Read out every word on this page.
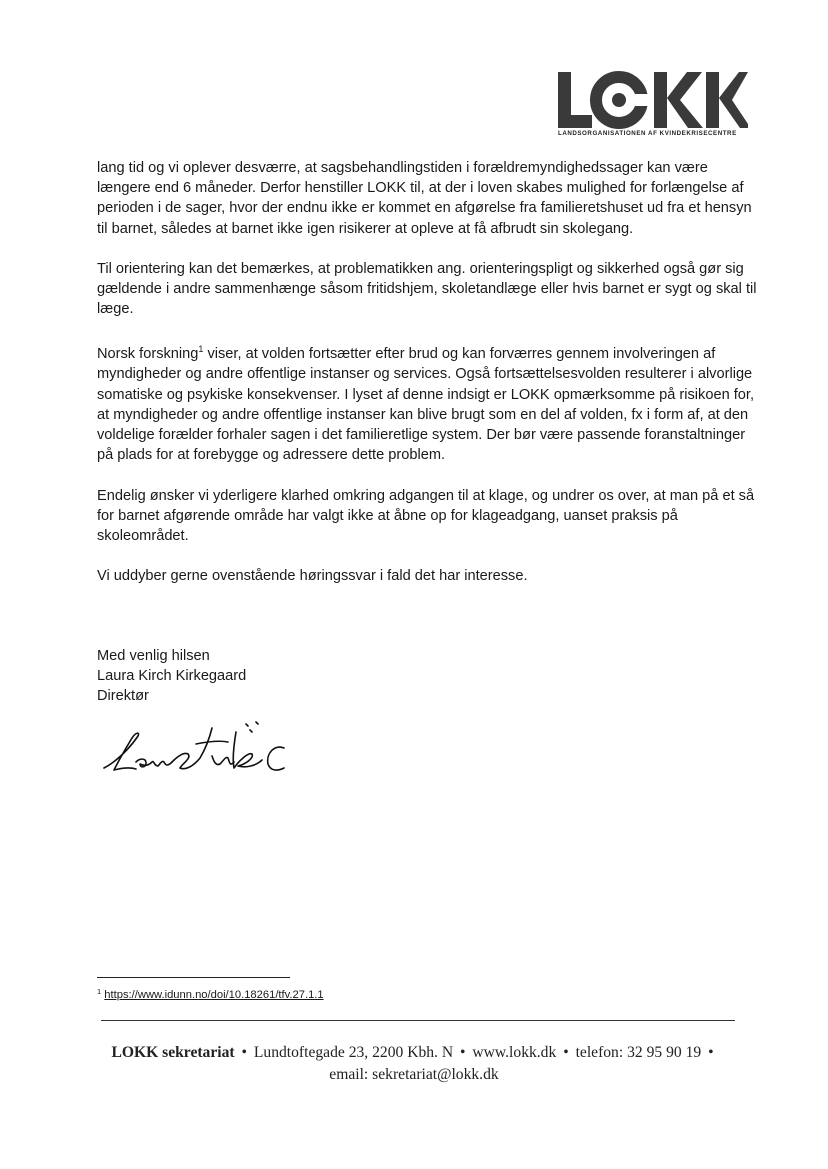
LOKK
LANDSORGANISATIONEN AF KVINDEKRISECENTRE

lang tid og vi oplever desværre, at sagsbehandlingstiden i forældremyndighedssager kan være længere end 6 måneder. Derfor henstiller LOKK til, at der i loven skabes mulighed for forlængelse af perioden i de sager, hvor der endnu ikke er kommet en afgørelse fra familieretshuset ud fra et hensyn til barnet, således at barnet ikke igen risikerer at opleve at få afbrudt sin skolegang.

Til orientering kan det bemærkes, at problematikken ang. orienteringspligt og sikkerhed også gør sig gældende i andre sammenhænge såsom fritidshjem, skoletandlæge eller hvis barnet er sygt og skal til læge.

Norsk forskning$^1$ viser, at volden fortsætter efter brud og kan forværres gennem involveringen af myndigheder og andre offentlige instanser og services. Også fortsættelsesvolden resulterer i alvorlige somatiske og psykiske konsekvenser. I lyset af denne indsigt er LOKK opmærksomme på risikoen for, at myndigheder og andre offentlige instanser kan blive brugt som en del af volden, fx i form af, at den voldelige forælder forhaler sagen i det familieretlige system. Der bør være passende foranstaltninger på plads for at forebygge og adressere dette problem.

Endelig ønsker vi yderligere klarhed omkring adgangen til at klage, og undrer os over, at man på et så for barnet afgørende område har valgt ikke at åbne op for klageadgang, uanset praksis på skoleområdet.

Vi uddyber gerne ovenstående høringssvar i fald det har interesse.

Med venlig hilsen
Laura Kirch Kirkegaard
Direktør
$^1$ https://www.idunn.no/doi/10.18261/tfv.27.1.1
LOKK sekretariat • Lundtoftegade 23, 2200 Kbh. N • www.lokk.dk • telefon: 32 95 90 19 •
email: sekretariat@lokk.dk
